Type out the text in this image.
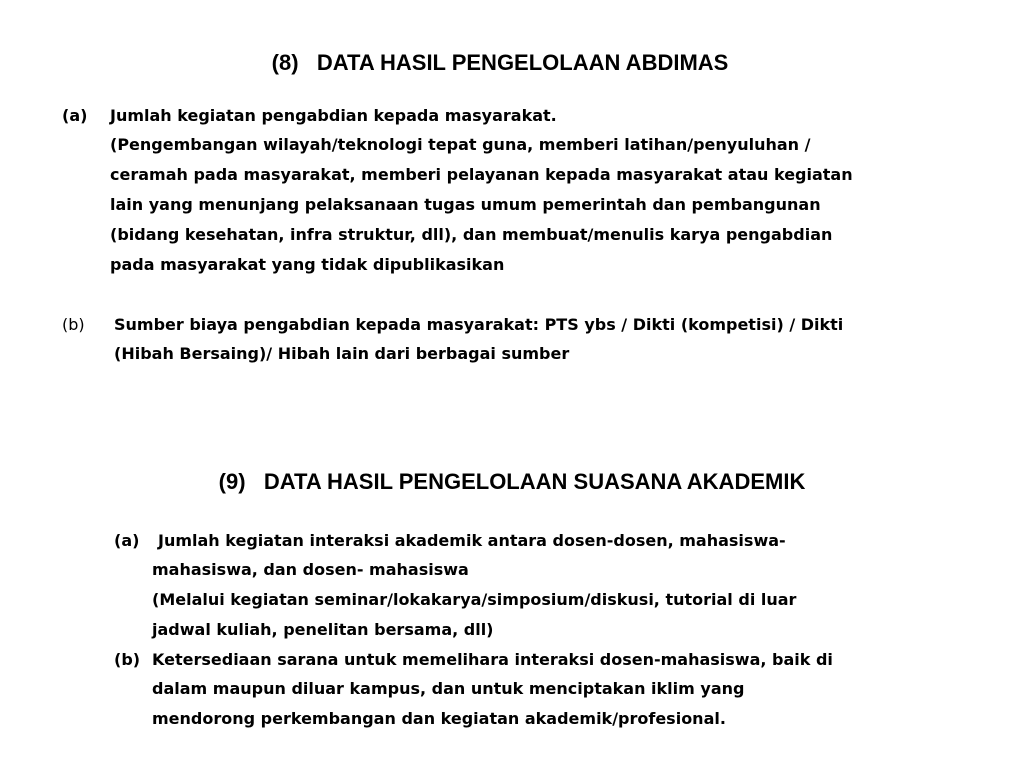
(8)   DATA HASIL PENGELOLAAN ABDIMAS
(a) Jumlah kegiatan pengabdian kepada masyarakat.
(Pengembangan wilayah/teknologi tepat guna, memberi latihan/penyuluhan /
ceramah pada masyarakat, memberi pelayanan kepada masyarakat atau kegiatan
lain yang menunjang pelaksanaan tugas umum pemerintah dan pembangunan
(bidang kesehatan, infra struktur, dll), dan membuat/menulis karya pengabdian
pada masyarakat yang tidak dipublikasikan
(b) Sumber biaya pengabdian kepada masyarakat: PTS ybs / Dikti (kompetisi) / Dikti
(Hibah Bersaing)/ Hibah lain dari berbagai sumber
(9)   DATA HASIL PENGELOLAAN SUASANA AKADEMIK
(a) Jumlah kegiatan interaksi akademik antara dosen-dosen, mahasiswa-
mahasiswa, dan dosen- mahasiswa
(Melalui kegiatan seminar/lokakarya/simposium/diskusi, tutorial di luar
jadwal kuliah, penelitan bersama, dll)
(b) Ketersediaan sarana untuk memelihara interaksi dosen-mahasiswa, baik di
dalam maupun diluar kampus, dan untuk menciptakan iklim yang
mendorong perkembangan dan kegiatan akademik/profesional.
